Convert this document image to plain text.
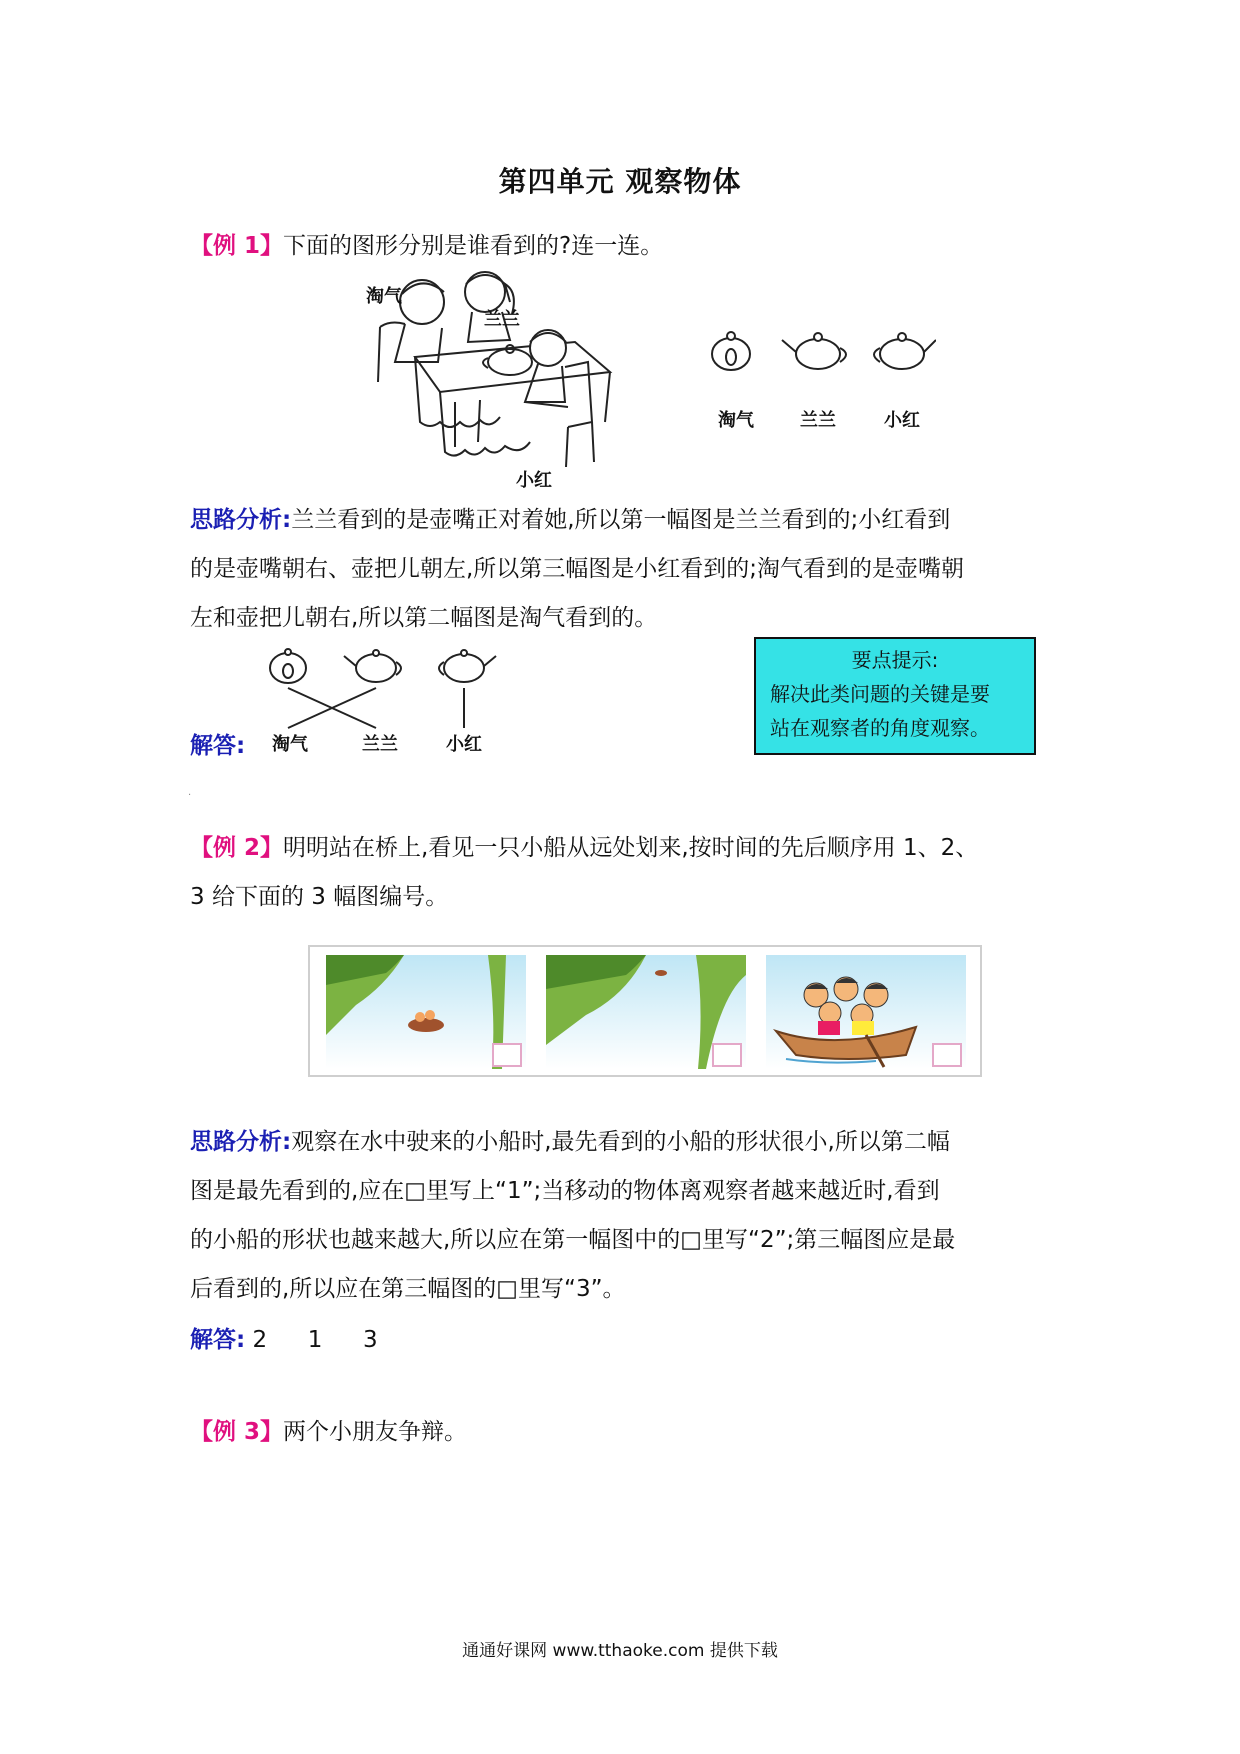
第四单元 观察物体
【例 1】下面的图形分别是谁看到的?连一连。
淘气
兰兰
小红
淘气	兰兰	小红
思路分析:兰兰看到的是壶嘴正对着她,所以第一幅图是兰兰看到的;小红看到
的是壶嘴朝右、壶把儿朝左,所以第三幅图是小红看到的;淘气看到的是壶嘴朝
左和壶把儿朝右,所以第二幅图是淘气看到的。
解答: 淘气	兰兰	小红
要点提示:
解决此类问题的关键是要
站在观察者的角度观察。
·
【例 2】明明站在桥上,看见一只小船从远处划来,按时间的先后顺序用 1、2、
3 给下面的 3 幅图编号。
思路分析:观察在水中驶来的小船时,最先看到的小船的形状很小,所以第二幅
图是最先看到的,应在□里写上“1”;当移动的物体离观察者越来越近时,看到
的小船的形状也越来越大,所以应在第一幅图中的□里写“2”;第三幅图应是最
后看到的,所以应在第三幅图的□里写“3”。
解答: 2 1 3
【例 3】两个小朋友争辩。
通通好课网 www.tthaoke.com 提供下载
